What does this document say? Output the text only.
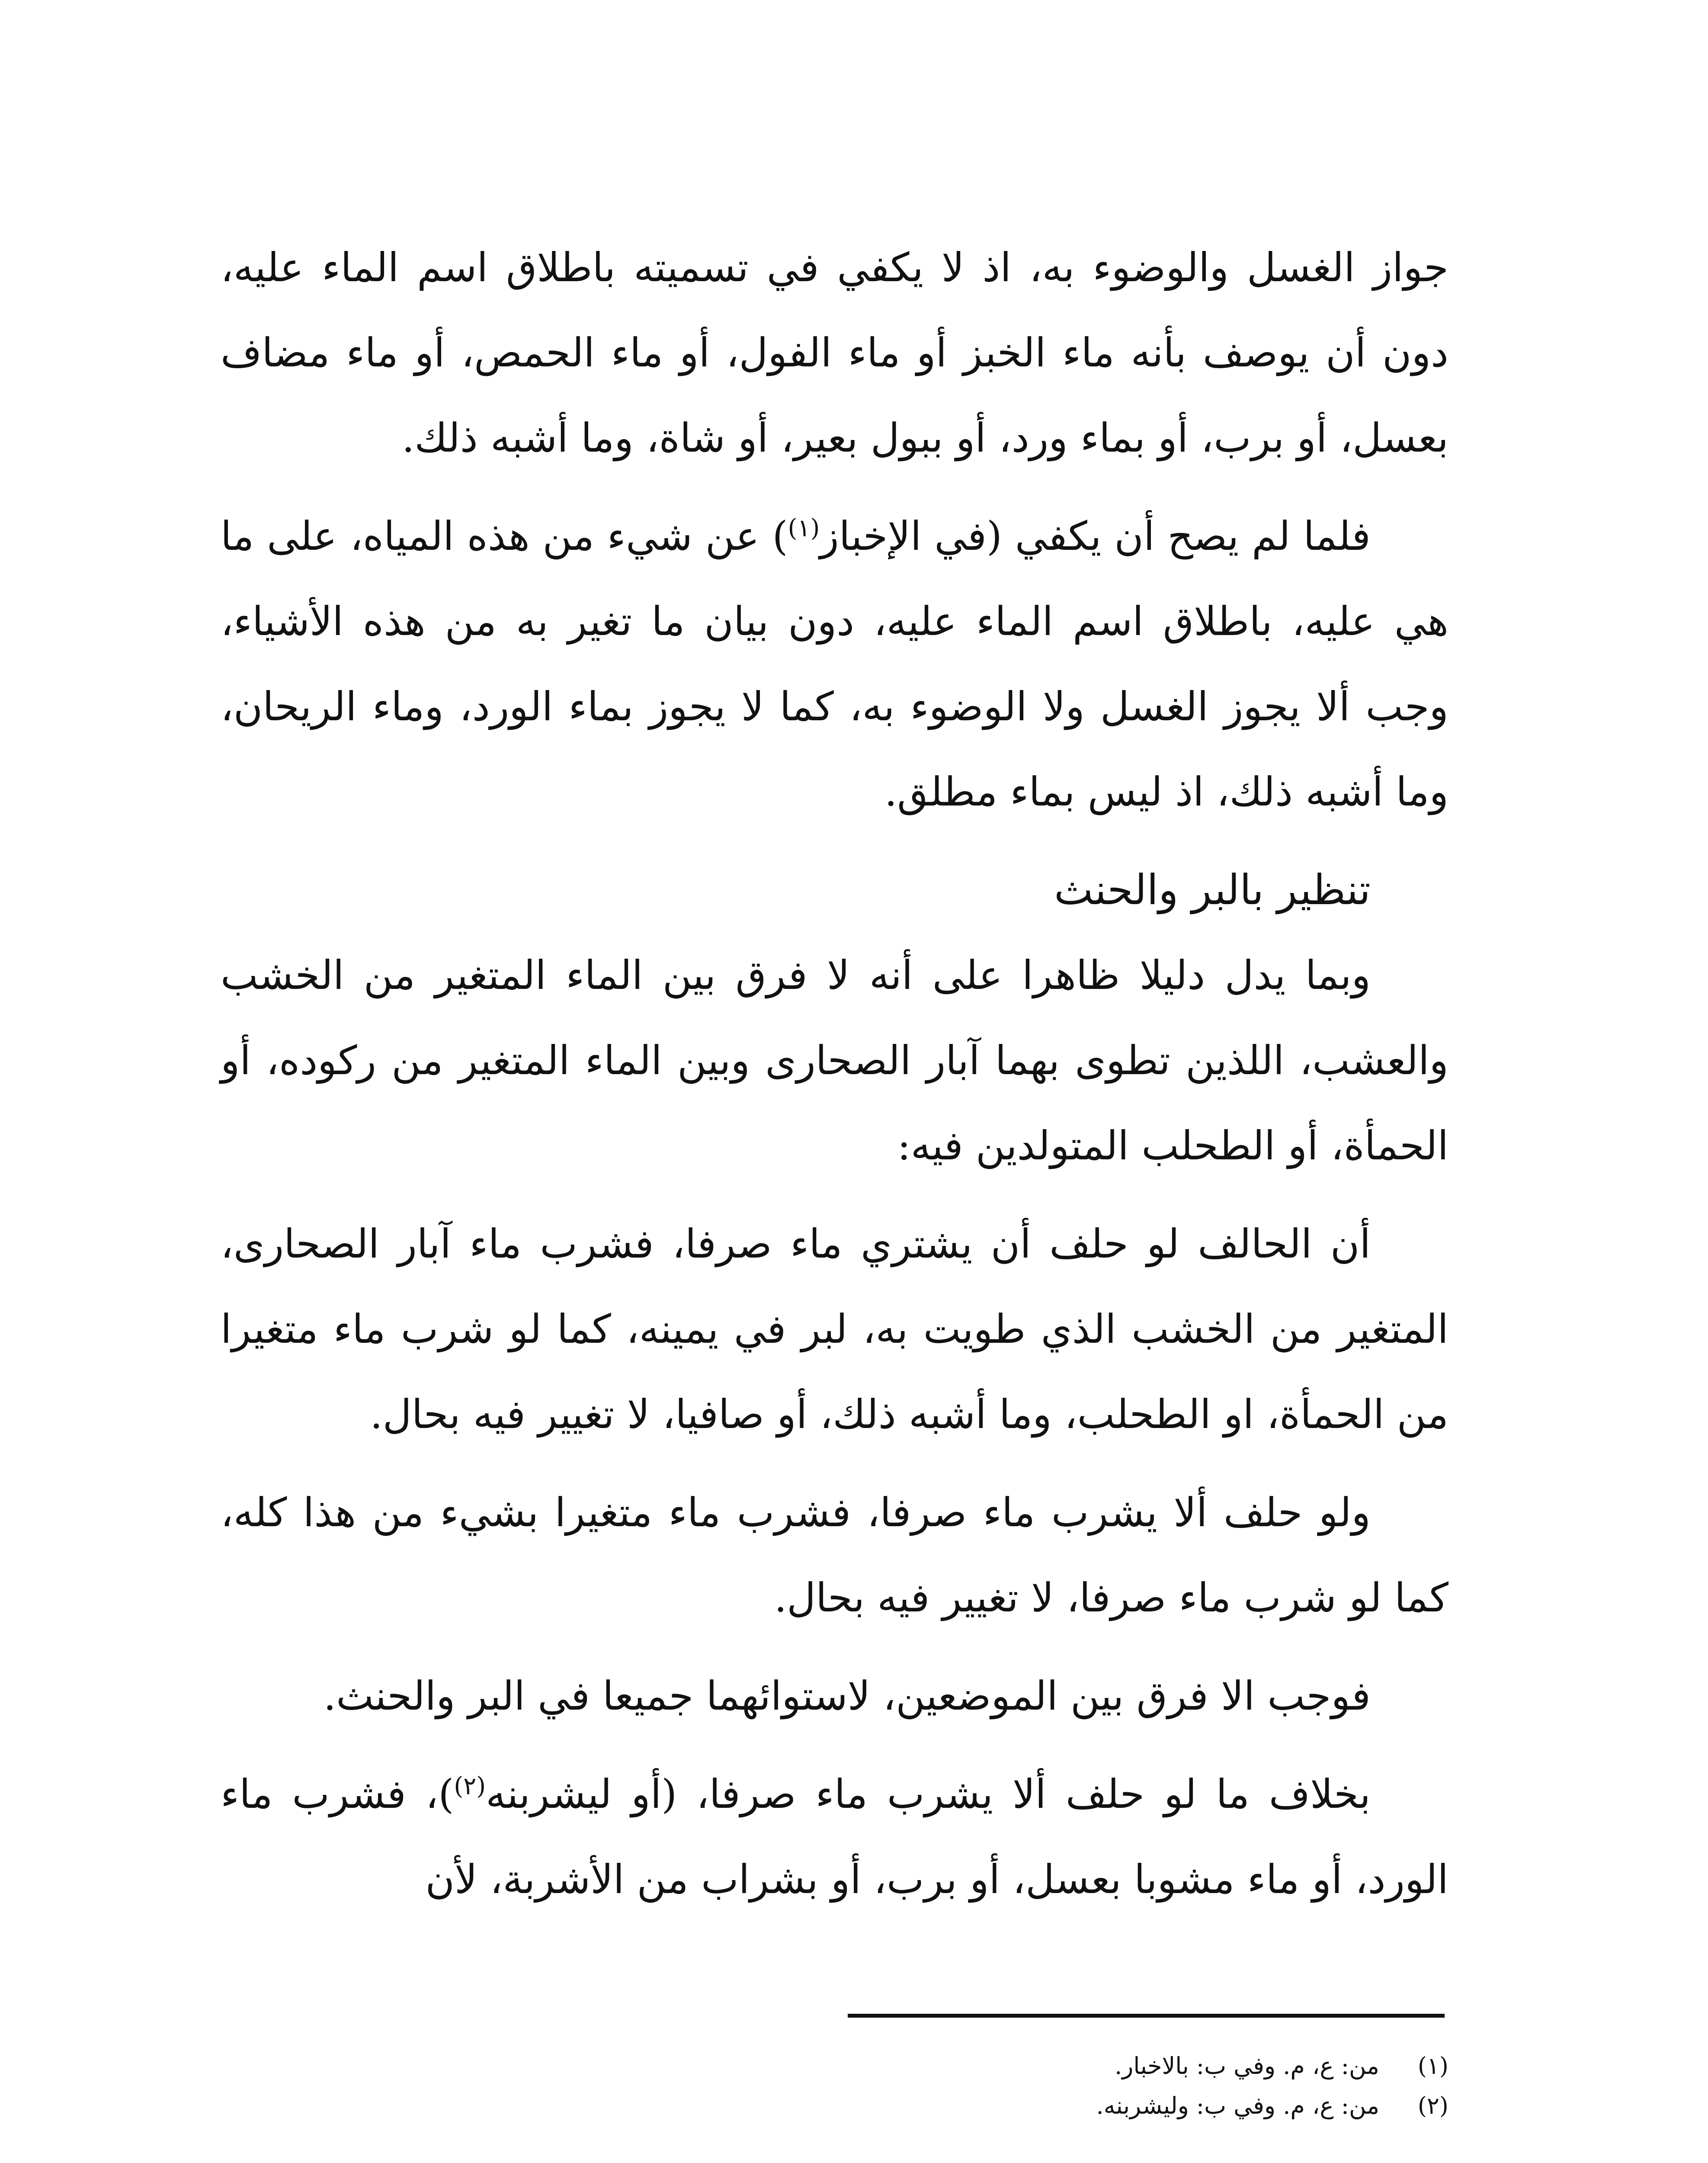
جواز الغسل والوضوء به، اذ لا يكفي في تسميته باطلاق اسم الماء عليه، دون أن يوصف بأنه ماء الخبز أو ماء الفول، أو ماء الحمص، أو ماء مضاف بعسل، أو برب، أو بماء ورد، أو ببول بعير، أو شاة، وما أشبه ذلك.

فلما لم يصح أن يكفي (في الإخباز$^{(١)}$) عن شيء من هذه المياه، على ما هي عليه، باطلاق اسم الماء عليه، دون بيان ما تغير به من هذه الأشياء، وجب ألا يجوز الغسل ولا الوضوء به، كما لا يجوز بماء الورد، وماء الريحان، وما أشبه ذلك، اذ ليس بماء مطلق.

تنظير بالبر والحنث

وبما يدل دليلا ظاهرا على أنه لا فرق بين الماء المتغير من الخشب والعشب، اللذين تطوى بهما آبار الصحارى وبين الماء المتغير من ركوده، أو الحمأة، أو الطحلب المتولدين فيه:

أن الحالف لو حلف أن يشتري ماء صرفا، فشرب ماء آبار الصحارى، المتغير من الخشب الذي طويت به، لبر في يمينه، كما لو شرب ماء متغيرا من الحمأة، او الطحلب، وما أشبه ذلك، أو صافيا، لا تغيير فيه بحال.

ولو حلف ألا يشرب ماء صرفا، فشرب ماء متغيرا بشيء من هذا كله، كما لو شرب ماء صرفا، لا تغيير فيه بحال.

فوجب الا فرق بين الموضعين، لاستوائهما جميعا في البر والحنث.

بخلاف ما لو حلف ألا يشرب ماء صرفا، (أو ليشربنه$^{(٢)}$)، فشرب ماء الورد، أو ماء مشوبا بعسل، أو برب، أو بشراب من الأشربة، لأن

(١)
من: ع، م. وفي ب: بالاخبار.
(٢)
من: ع، م. وفي ب: وليشربنه.
